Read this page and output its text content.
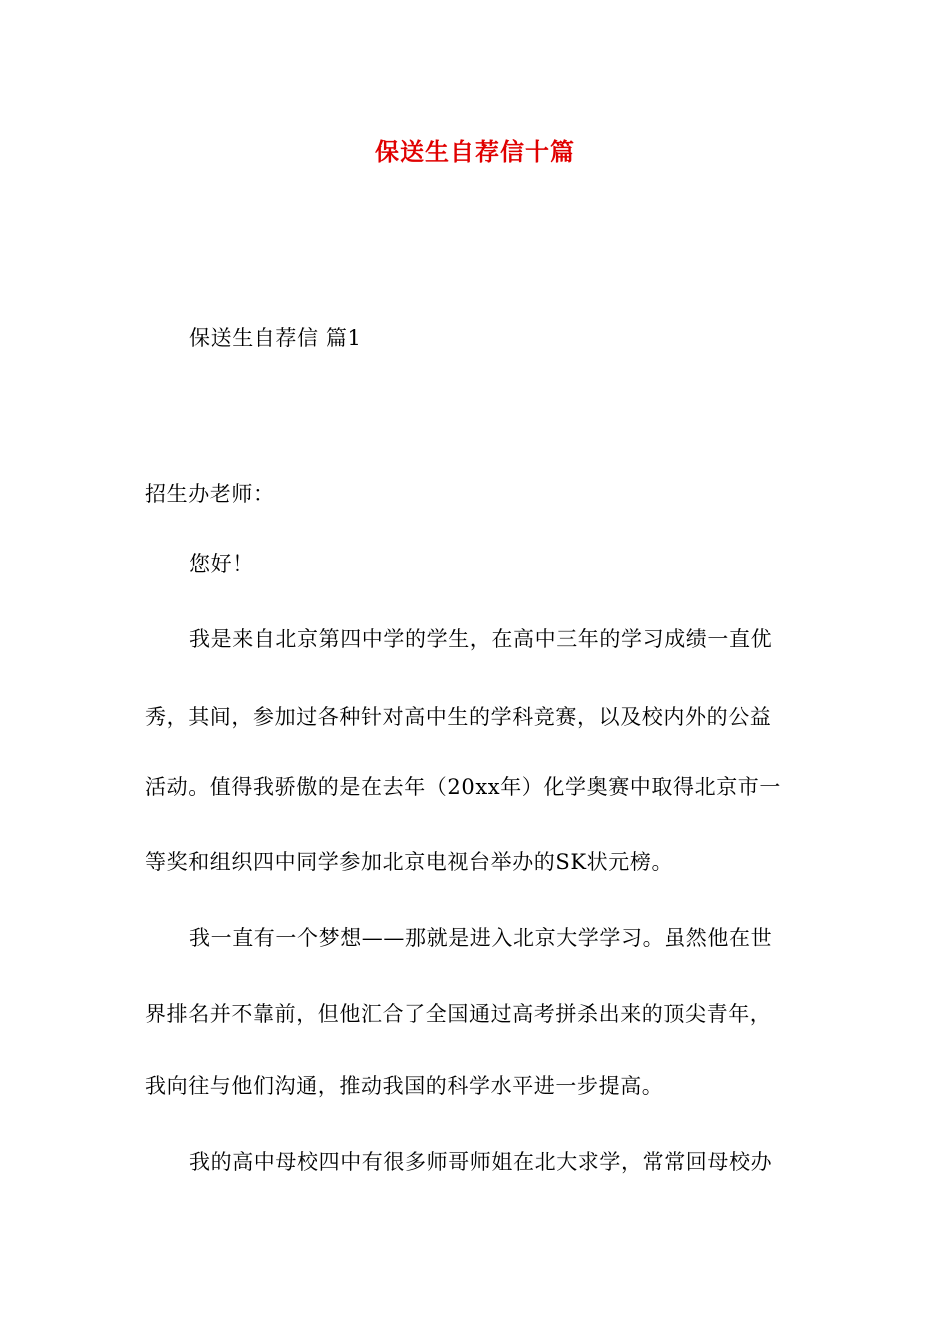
保送生自荐信十篇
保送生自荐信 篇1
招生办老师：
您好！
我是来自北京第四中学的学生，在高中三年的学习成绩一直优
秀，其间，参加过各种针对高中生的学科竞赛，以及校内外的公益
活动。值得我骄傲的是在去年（20xx年）化学奥赛中取得北京市一
等奖和组织四中同学参加北京电视台举办的SK状元榜。
我一直有一个梦想——那就是进入北京大学学习。虽然他在世
界排名并不靠前，但他汇合了全国通过高考拼杀出来的顶尖青年，
我向往与他们沟通，推动我国的科学水平进一步提高。
我的高中母校四中有很多师哥师姐在北大求学，常常回母校办
